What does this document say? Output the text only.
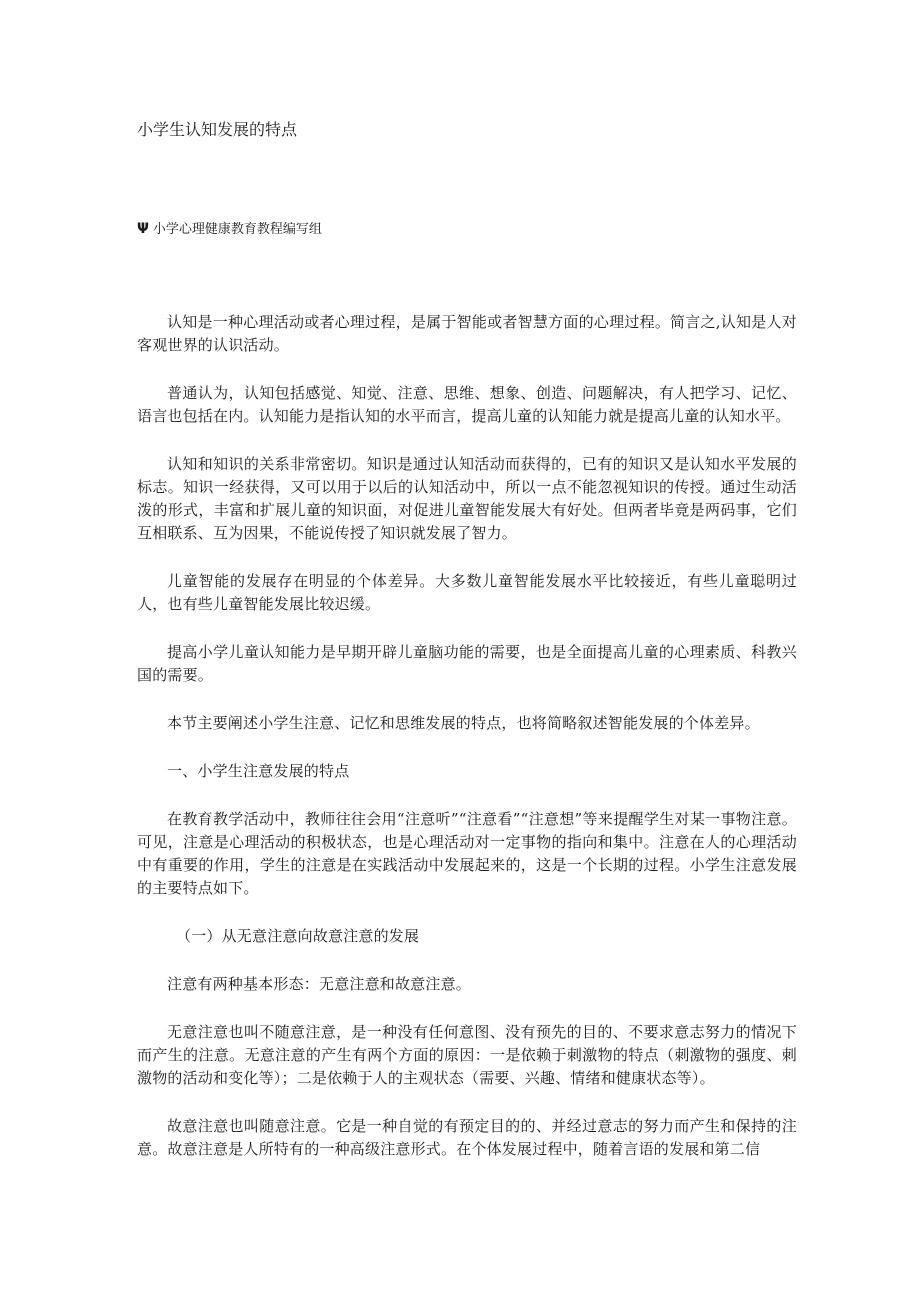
小学生认知发展的特点

Ψ 小学心理健康教育教程编写组

认知是一种心理活动或者心理过程，是属于智能或者智慧方面的心理过程。简言之,认知是人对客观世界的认识活动。

普通认为，认知包括感觉、知觉、注意、思维、想象、创造、问题解决，有人把学习、记忆、语言也包括在内。认知能力是指认知的水平而言，提高儿童的认知能力就是提高儿童的认知水平。

认知和知识的关系非常密切。知识是通过认知活动而获得的，已有的知识又是认知水平发展的标志。知识一经获得，又可以用于以后的认知活动中，所以一点不能忽视知识的传授。通过生动活泼的形式，丰富和扩展儿童的知识面，对促进儿童智能发展大有好处。但两者毕竟是两码事，它们互相联系、互为因果，不能说传授了知识就发展了智力。

儿童智能的发展存在明显的个体差异。大多数儿童智能发展水平比较接近，有些儿童聪明过人，也有些儿童智能发展比较迟缓。

提高小学儿童认知能力是早期开辟儿童脑功能的需要，也是全面提高儿童的心理素质、科教兴国的需要。

本节主要阐述小学生注意、记忆和思维发展的特点，也将简略叙述智能发展的个体差异。

一、小学生注意发展的特点

在教育教学活动中，教师往往会用“注意听”“注意看”“注意想”等来提醒学生对某一事物注意。可见，注意是心理活动的积极状态，也是心理活动对一定事物的指向和集中。注意在人的心理活动中有重要的作用，学生的注意是在实践活动中发展起来的，这是一个长期的过程。小学生注意发展的主要特点如下。

（一）从无意注意向故意注意的发展

注意有两种基本形态：无意注意和故意注意。

无意注意也叫不随意注意，是一种没有任何意图、没有预先的目的、不要求意志努力的情况下而产生的注意。无意注意的产生有两个方面的原因：一是依赖于刺激物的特点（刺激物的强度、刺激物的活动和变化等）；二是依赖于人的主观状态（需要、兴趣、情绪和健康状态等）。

故意注意也叫随意注意。它是一种自觉的有预定目的的、并经过意志的努力而产生和保持的注意。故意注意是人所特有的一种高级注意形式。在个体发展过程中，随着言语的发展和第二信
